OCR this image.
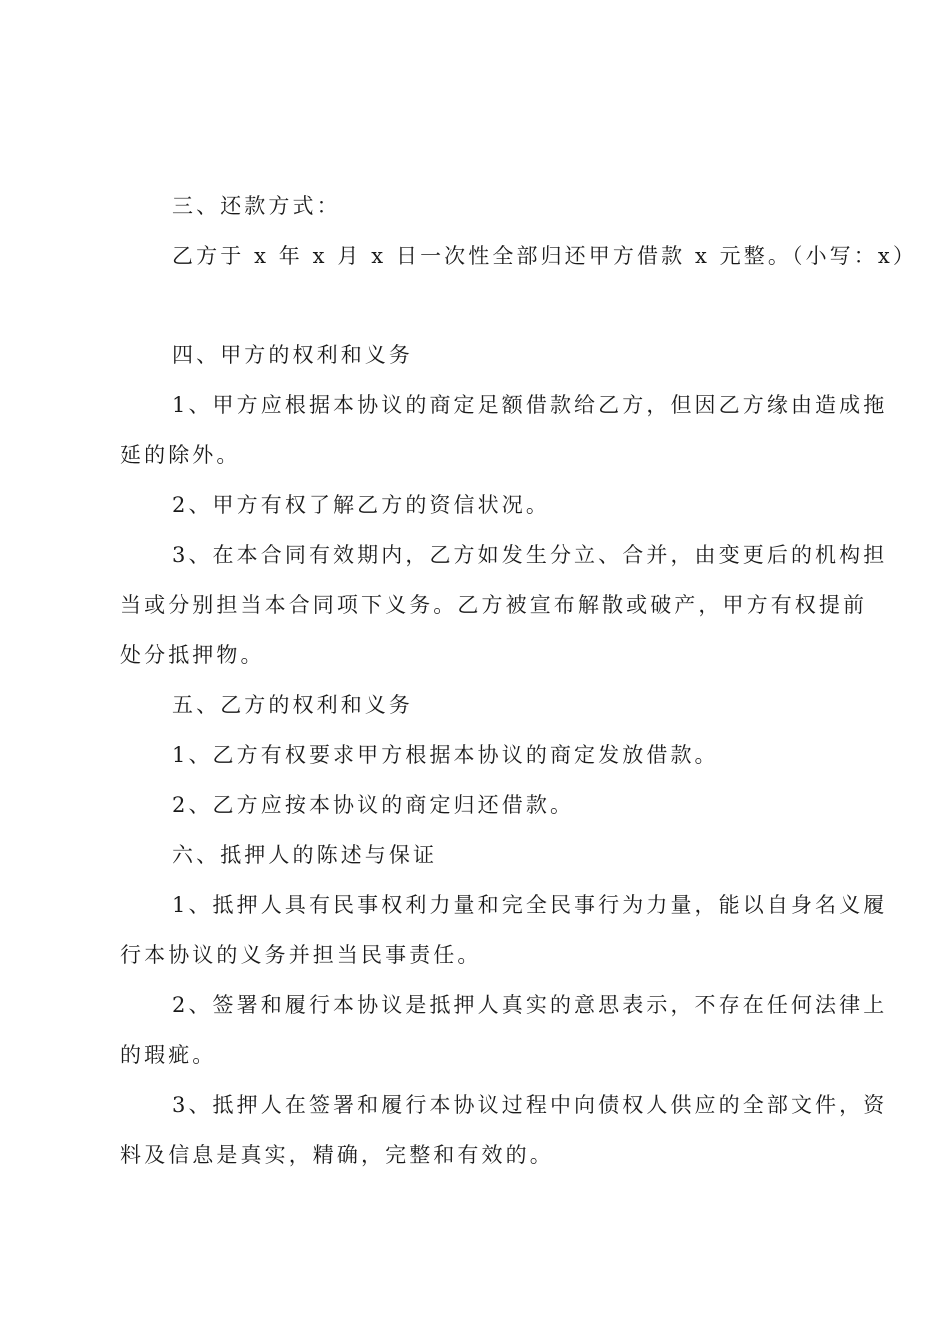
三、还款方式：
乙方于 x 年 x 月 x 日一次性全部归还甲方借款 x 元整。（小写：x）
四、甲方的权利和义务
1、甲方应根据本协议的商定足额借款给乙方，但因乙方缘由造成拖
延的除外。
2、甲方有权了解乙方的资信状况。
3、在本合同有效期内，乙方如发生分立、合并，由变更后的机构担
当或分别担当本合同项下义务。乙方被宣布解散或破产，甲方有权提前
处分抵押物。
五、乙方的权利和义务
1、乙方有权要求甲方根据本协议的商定发放借款。
2、乙方应按本协议的商定归还借款。
六、抵押人的陈述与保证
1、抵押人具有民事权利力量和完全民事行为力量，能以自身名义履
行本协议的义务并担当民事责任。
2、签署和履行本协议是抵押人真实的意思表示，不存在任何法律上
的瑕疵。
3、抵押人在签署和履行本协议过程中向债权人供应的全部文件，资
料及信息是真实，精确，完整和有效的。
